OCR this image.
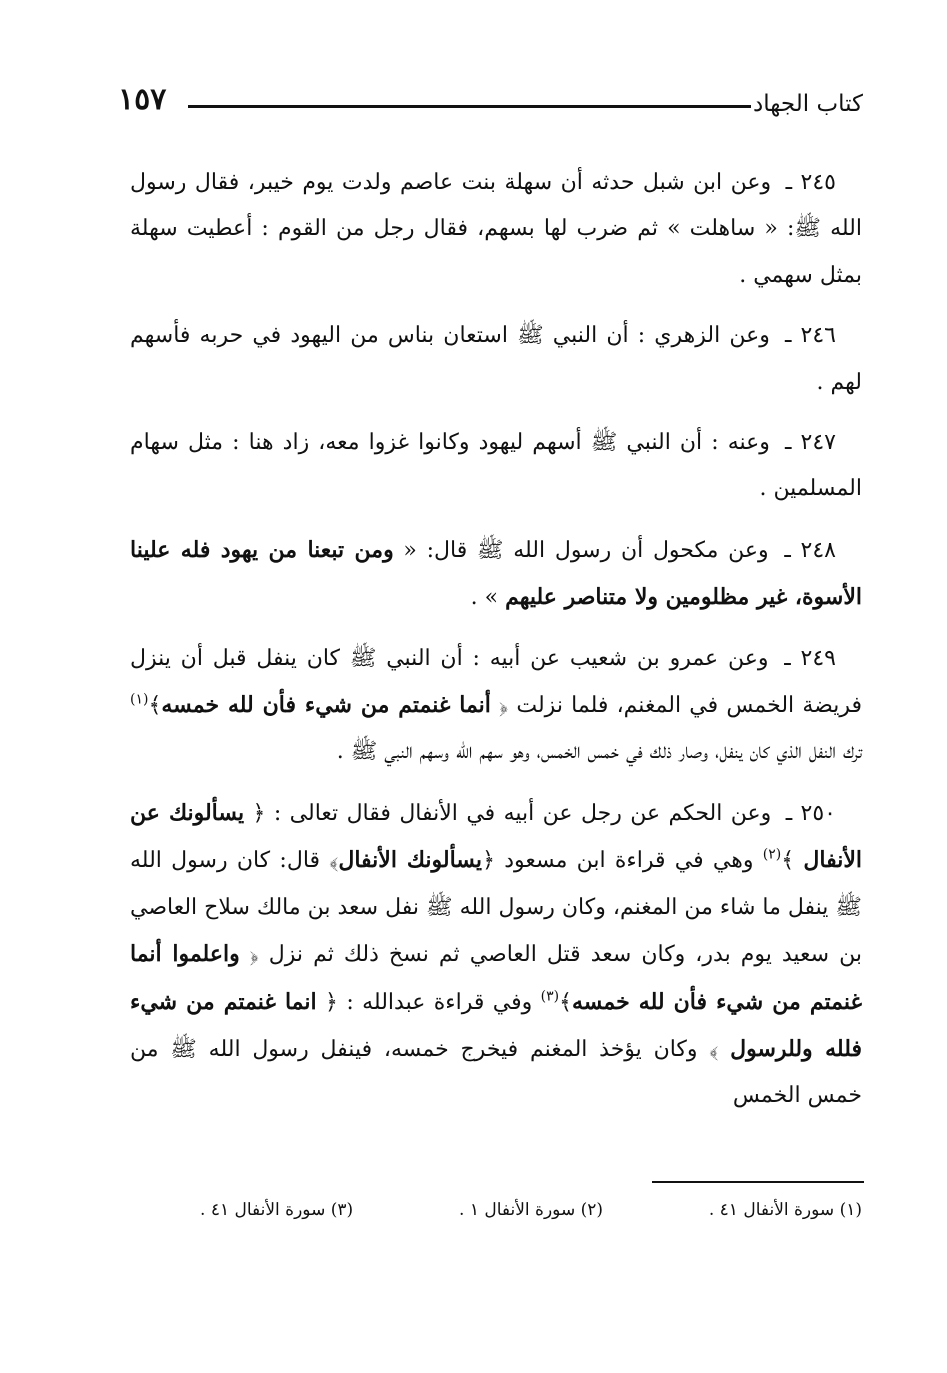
كتاب الجهاد
١٥٧

٢٤٥ ـ وعن ابن شبل حدثه أن سهلة بنت عاصم ولدت يوم خيبر، فقال رسول الله ﷺ: « ساهلت » ثم ضرب لها بسهم، فقال رجل من القوم : أعطيت سهلة بمثل سهمي .

٢٤٦ ـ وعن الزهري : أن النبي ﷺ استعان بناس من اليهود في حربه فأسهم لهم .

٢٤٧ ـ وعنه : أن النبي ﷺ أسهم ليهود وكانوا غزوا معه، زاد هنا : مثل سهام المسلمين .

٢٤٨ ـ وعن مكحول أن رسول الله ﷺ قال: « ومن تبعنا من يهود فله علينا الأسوة، غير مظلومين ولا متناصر عليهم » .

٢٤٩ ـ وعن عمرو بن شعيب عن أبيه : أن النبي ﷺ كان ينفل قبل أن ينزل فريضة الخمس في المغنم، فلما نزلت ﴿ أنما غنمتم من شيء فأن لله خمسه﴾$^{(١)}$ ترك النفل الذي كان ينفل، وصار ذلك في خمس الخمس، وهو سهم الله وسهم النبي ﷺ .

٢٥٠ ـ وعن الحكم عن رجل عن أبيه في الأنفال فقال تعالى : ﴿ يسألونك عن الأنفال ﴾$^{(٢)}$ وهي في قراءة ابن مسعود ﴿يسألونك الأنفال﴾ قال: كان رسول الله ﷺ ينفل ما شاء من المغنم، وكان رسول الله ﷺ نفل سعد بن مالك سلاح العاصي بن سعيد يوم بدر، وكان سعد قتل العاصي ثم نسخ ذلك ثم نزل ﴿ واعلموا أنما غنمتم من شيء فأن لله خمسه﴾$^{(٣)}$ وفي قراءة عبدالله : ﴿ انما غنمتم من شيء فلله وللرسول ﴾ وكان يؤخذ المغنم فيخرج خمسه، فينفل رسول الله ﷺ من خمس الخمس

(١) سورة الأنفال ٤١ .
(٢) سورة الأنفال ١ .
(٣) سورة الأنفال ٤١ .
